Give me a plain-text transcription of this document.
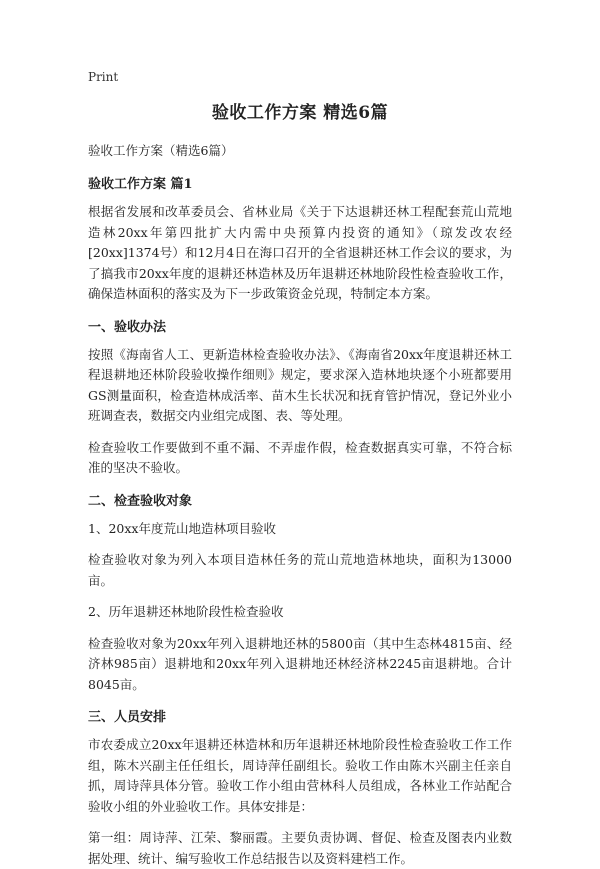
Print
验收工作方案 精选6篇
验收工作方案（精选6篇）
验收工作方案 篇1

根据省发展和改革委员会、省林业局《关于下达退耕还林工程配套荒山荒地造林20xx年第四批扩大内需中央预算内投资的通知》（琼发改农经[20xx]1374号）和12月4日在海口召开的全省退耕还林工作会议的要求，为了搞我市20xx年度的退耕还林造林及历年退耕还林地阶段性检查验收工作，确保造林面积的落实及为下一步政策资金兑现，特制定本方案。

一、验收办法

按照《海南省人工、更新造林检查验收办法》、《海南省20xx年度退耕还林工程退耕地还林阶段验收操作细则》规定，要求深入造林地块逐个小班都要用GS测量面积，检查造林成活率、苗木生长状况和抚育管护情况，登记外业小班调查表，数据交内业组完成图、表、等处理。

检查验收工作要做到不重不漏、不弄虚作假，检查数据真实可靠，不符合标准的坚决不验收。

二、检查验收对象

1、20xx年度荒山地造林项目验收

检查验收对象为列入本项目造林任务的荒山荒地造林地块，面积为13000亩。

2、历年退耕还林地阶段性检查验收

检查验收对象为20xx年列入退耕地还林的5800亩（其中生态林4815亩、经济林985亩）退耕地和20xx年列入退耕地还林经济林2245亩退耕地。合计8045亩。

三、人员安排

市农委成立20xx年退耕还林造林和历年退耕还林地阶段性检查验收工作工作组，陈木兴副主任任组长，周诗萍任副组长。验收工作由陈木兴副主任亲自抓，周诗萍具体分管。验收工作小组由营林科人员组成，各林业工作站配合验收小组的外业验收工作。具体安排是：

第一组：周诗萍、江荣、黎丽霞。主要负责协调、督促、检查及图表内业数据处理、统计、编写验收工作总结报告以及资料建档工作。
